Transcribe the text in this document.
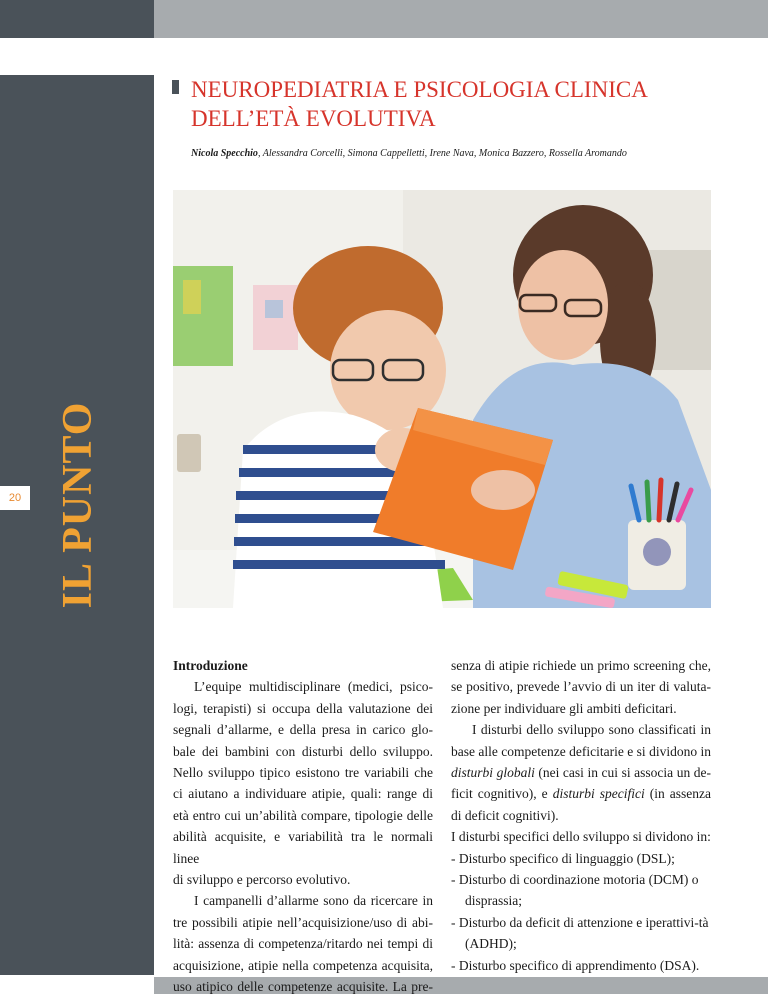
IL PUNTO
20
NEUROPEDIATRIA E PSICOLOGIA CLINICA
DELL’ETÀ EVOLUTIVA
Nicola Specchio, Alessandra Corcelli, Simona Cappelletti, Irene Nava, Monica Bazzero, Rossella Aromando

Introduzione

L’equipe multidisciplinare (medici, psico-

logi, terapisti) si occupa della valutazione dei

segnali d’allarme, e della presa in carico glo-

bale dei bambini con disturbi dello sviluppo.

Nello sviluppo tipico esistono tre variabili che

ci aiutano a individuare atipie, quali: range di

età entro cui un’abilità compare, tipologie delle

abilità acquisite, e variabilità tra le normali linee

di sviluppo e percorso evolutivo.

I campanelli d’allarme sono da ricercare in

tre possibili atipie nell’acquisizione/uso di abi-

lità: assenza di competenza/ritardo nei tempi di

acquisizione, atipie nella competenza acquisita,

uso atipico delle competenze acquisite. La pre-

senza di atipie richiede un primo screening che,

se positivo, prevede l’avvio di un iter di valuta-

zione per individuare gli ambiti deficitari.

I disturbi dello sviluppo sono classificati in

base alle competenze deficitarie e si dividono in

disturbi globali (nei casi in cui si associa un de-

ficit cognitivo), e disturbi specifici (in assenza

di deficit cognitivi).

I disturbi specifici dello sviluppo si dividono in:

- Disturbo specifico di linguaggio (DSL);

- Disturbo di coordinazione motoria (DCM) o disprassia;

- Disturbo da deficit di attenzione e iperattivi-tà (ADHD);

- Disturbo specifico di apprendimento (DSA).
